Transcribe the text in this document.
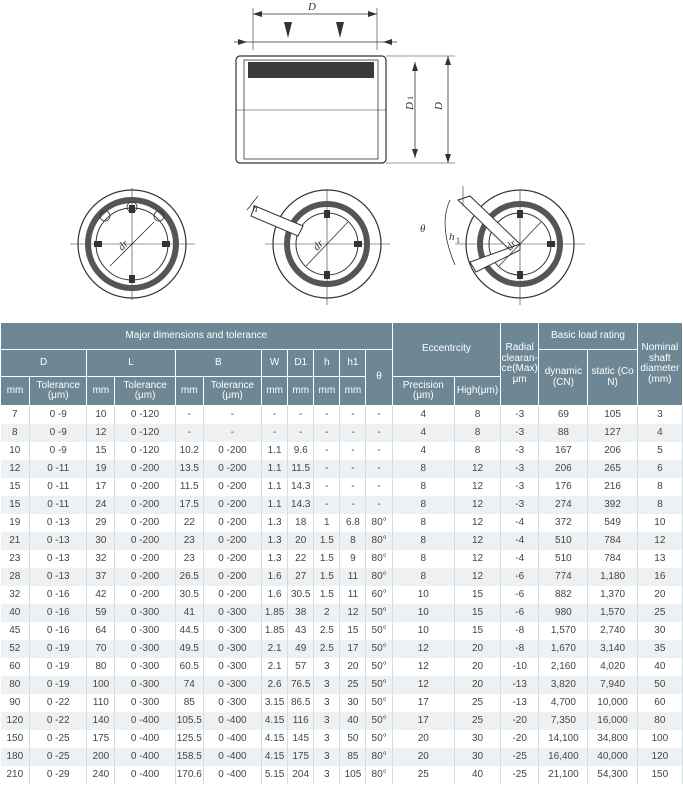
D
D
1
D
dr
h
dr
θ
h 1	dr
Major dimensions and tolerance											Eccentrcity		Radial clearan-ce(Max) μm	Basic load rating		Nominal shaft diameter (mm)
D		L		B		W	D1	h	h1	θ				dynamic (CN)	static (Co N)	
mm	Tolerance (μm)	mm	Tolerance (μm)	mm	Tolerance (μm)	mm	mm	mm	mm		Precision (μm)	High(μm)				
7	0 -9	10	0 -120	-	-	-	-	-	-	-	4	8	-3	69	105	3
8	0 -9	12	0 -120	-	-	-	-	-	-	-	4	8	-3	88	127	4
10	0 -9	15	0 -120	10.2	0 -200	1.1	9.6	-	-	-	4	8	-3	167	206	5
12	0 -11	19	0 -200	13.5	0 -200	1.1	11.5	-	-	-	8	12	-3	206	265	6
15	0 -11	17	0 -200	11.5	0 -200	1.1	14.3	-	-	-	8	12	-3	176	216	8
15	0 -11	24	0 -200	17.5	0 -200	1.1	14.3	-	-	-	8	12	-3	274	392	8
19	0 -13	29	0 -200	22	0 -200	1.3	18	1	6.8	80°	8	12	-4	372	549	10
21	0 -13	30	0 -200	23	0 -200	1.3	20	1.5	8	80°	8	12	-4	510	784	12
23	0 -13	32	0 -200	23	0 -200	1.3	22	1.5	9	80°	8	12	-4	510	784	13
28	0 -13	37	0 -200	26.5	0 -200	1.6	27	1.5	11	80°	8	12	-6	774	1,180	16
32	0 -16	42	0 -200	30.5	0 -200	1.6	30.5	1.5	11	60°	10	15	-6	882	1,370	20
40	0 -16	59	0 -300	41	0 -300	1.85	38	2	12	50°	10	15	-6	980	1,570	25
45	0 -16	64	0 -300	44.5	0 -300	1.85	43	2.5	15	50°	10	15	-8	1,570	2,740	30
52	0 -19	70	0 -300	49.5	0 -300	2.1	49	2.5	17	50°	12	20	-8	1,670	3,140	35
60	0 -19	80	0 -300	60.5	0 -300	2.1	57	3	20	50°	12	20	-10	2,160	4,020	40
80	0 -19	100	0 -300	74	0 -300	2.6	76.5	3	25	50°	12	20	-13	3,820	7,940	50
90	0 -22	110	0 -300	85	0 -300	3.15	86.5	3	30	50°	17	25	-13	4,700	10,000	60
120	0 -22	140	0 -400	105.5	0 -400	4.15	116	3	40	50°	17	25	-20	7,350	16,000	80
150	0 -25	175	0 -400	125.5	0 -400	4.15	145	3	50	50°	20	30	-20	14,100	34,800	100
180	0 -25	200	0 -400	158.5	0 -400	4.15	175	3	85	80°	20	30	-25	16,400	40,000	120
210	0 -29	240	0 -400	170.6	0 -400	5.15	204	3	105	80°	25	40	-25	21,100	54,300	150
